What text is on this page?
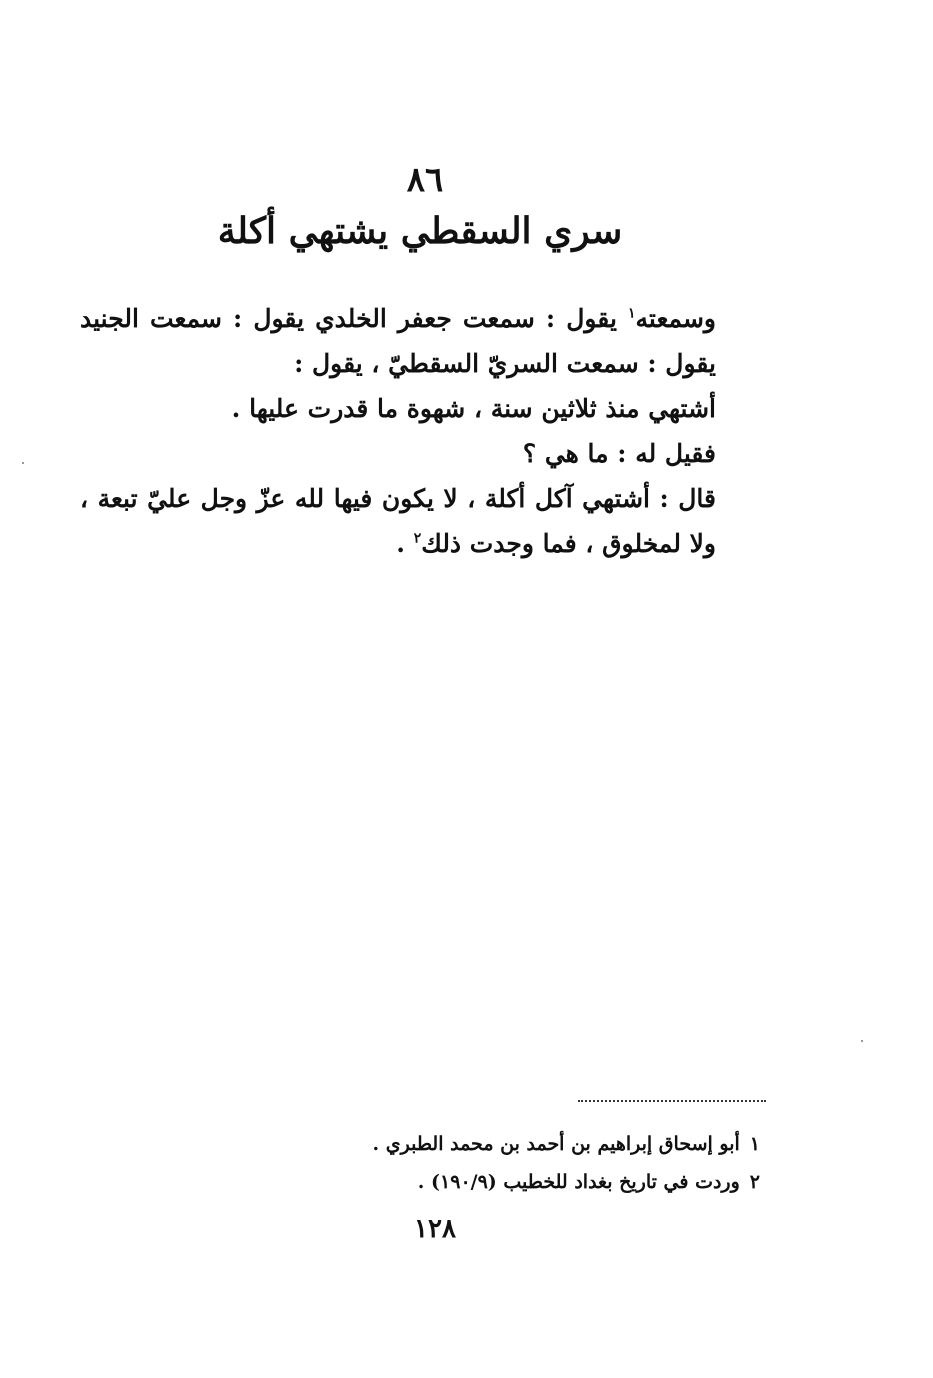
٨٦
سري السقطي يشتهي أكلة

وسمعته$^١$ يقول : سمعت جعفر الخلدي يقول : سمعت الجنيد يقول : سمعت السريّ السقطيّ ، يقول :

أشتهي منذ ثلاثين سنة ، شهوة ما قدرت عليها .

فقيل له : ما هي ؟

قال : أشتهي آكل أكلة ، لا يكون فيها لله عزّ وجل عليّ تبعة ، ولا لمخلوق ، فما وجدت ذلك$^٢$ .

١أبو إسحاق إبراهيم بن أحمد بن محمد الطبري .

٢وردت في تاريخ بغداد للخطيب (١٩٠/٩) .

١٢٨
